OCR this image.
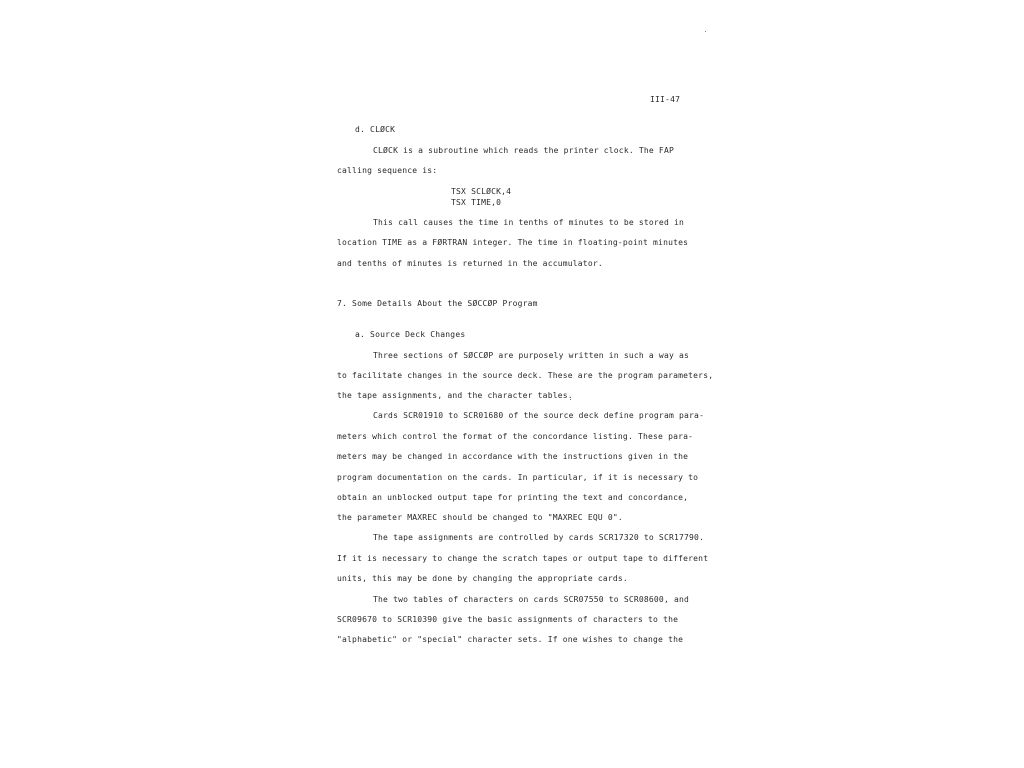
III-47
d. CLØCK
CLØCK is a subroutine which reads the printer clock. The FAP
calling sequence is:
TSX SCLØCK,4
TSX TIME,0
This call causes the time in tenths of minutes to be stored in
location TIME as a FØRTRAN integer. The time in floating-point minutes
and tenths of minutes is returned in the accumulator.
7. Some Details About the SØCCØP Program
a. Source Deck Changes
Three sections of SØCCØP are purposely written in such a way as
to facilitate changes in the source deck. These are the program parameters,
the tape assignments, and the character tables.
Cards SCR01910 to SCR01680 of the source deck define program para-
meters which control the format of the concordance listing. These para-
meters may be changed in accordance with the instructions given in the
program documentation on the cards. In particular, if it is necessary to
obtain an unblocked output tape for printing the text and concordance,
the parameter MAXREC should be changed to "MAXREC EQU 0".
The tape assignments are controlled by cards SCR17320 to SCR17790.
If it is necessary to change the scratch tapes or output tape to different
units, this may be done by changing the appropriate cards.
The two tables of characters on cards SCR07550 to SCR08600, and
SCR09670 to SCR10390 give the basic assignments of characters to the
"alphabetic" or "special" character sets. If one wishes to change the
